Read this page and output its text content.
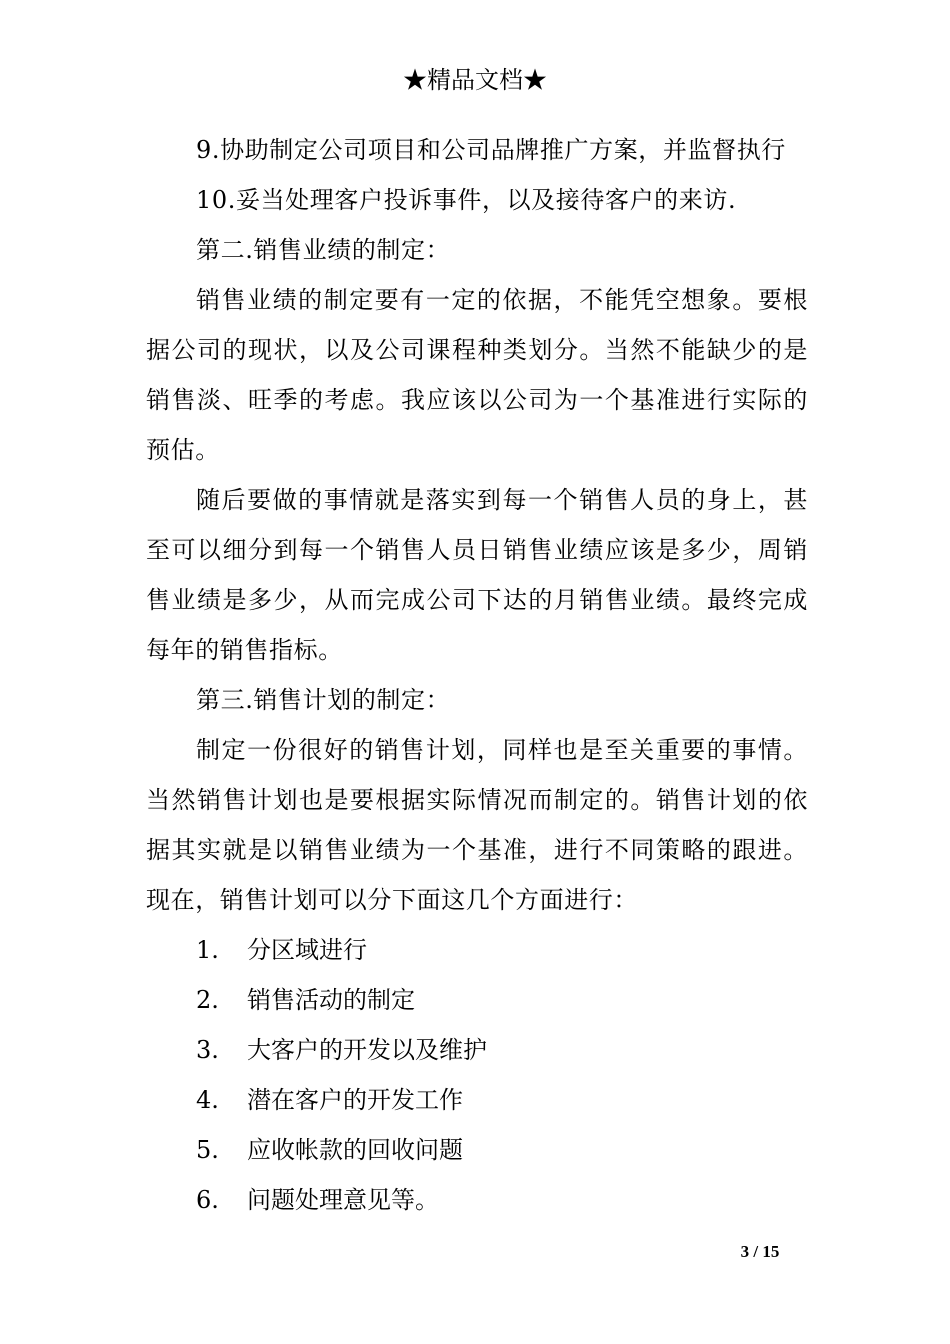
★精品文档★

9.协助制定公司项目和公司品牌推广方案，并监督执行

10.妥当处理客户投诉事件，以及接待客户的来访.

第二.销售业绩的制定：

销售业绩的制定要有一定的依据，不能凭空想象。要根据公司的现状，以及公司课程种类划分。当然不能缺少的是销售淡、旺季的考虑。我应该以公司为一个基准进行实际的预估。

随后要做的事情就是落实到每一个销售人员的身上，甚至可以细分到每一个销售人员日销售业绩应该是多少，周销售业绩是多少，从而完成公司下达的月销售业绩。最终完成每年的销售指标。

第三.销售计划的制定：

制定一份很好的销售计划，同样也是至关重要的事情。当然销售计划也是要根据实际情况而制定的。销售计划的依据其实就是以销售业绩为一个基准，进行不同策略的跟进。现在，销售计划可以分下面这几个方面进行：

1.	分区域进行
2.	销售活动的制定
3.	大客户的开发以及维护
4.	潜在客户的开发工作
5.	应收帐款的回收问题
6.	问题处理意见等。
3 / 15
